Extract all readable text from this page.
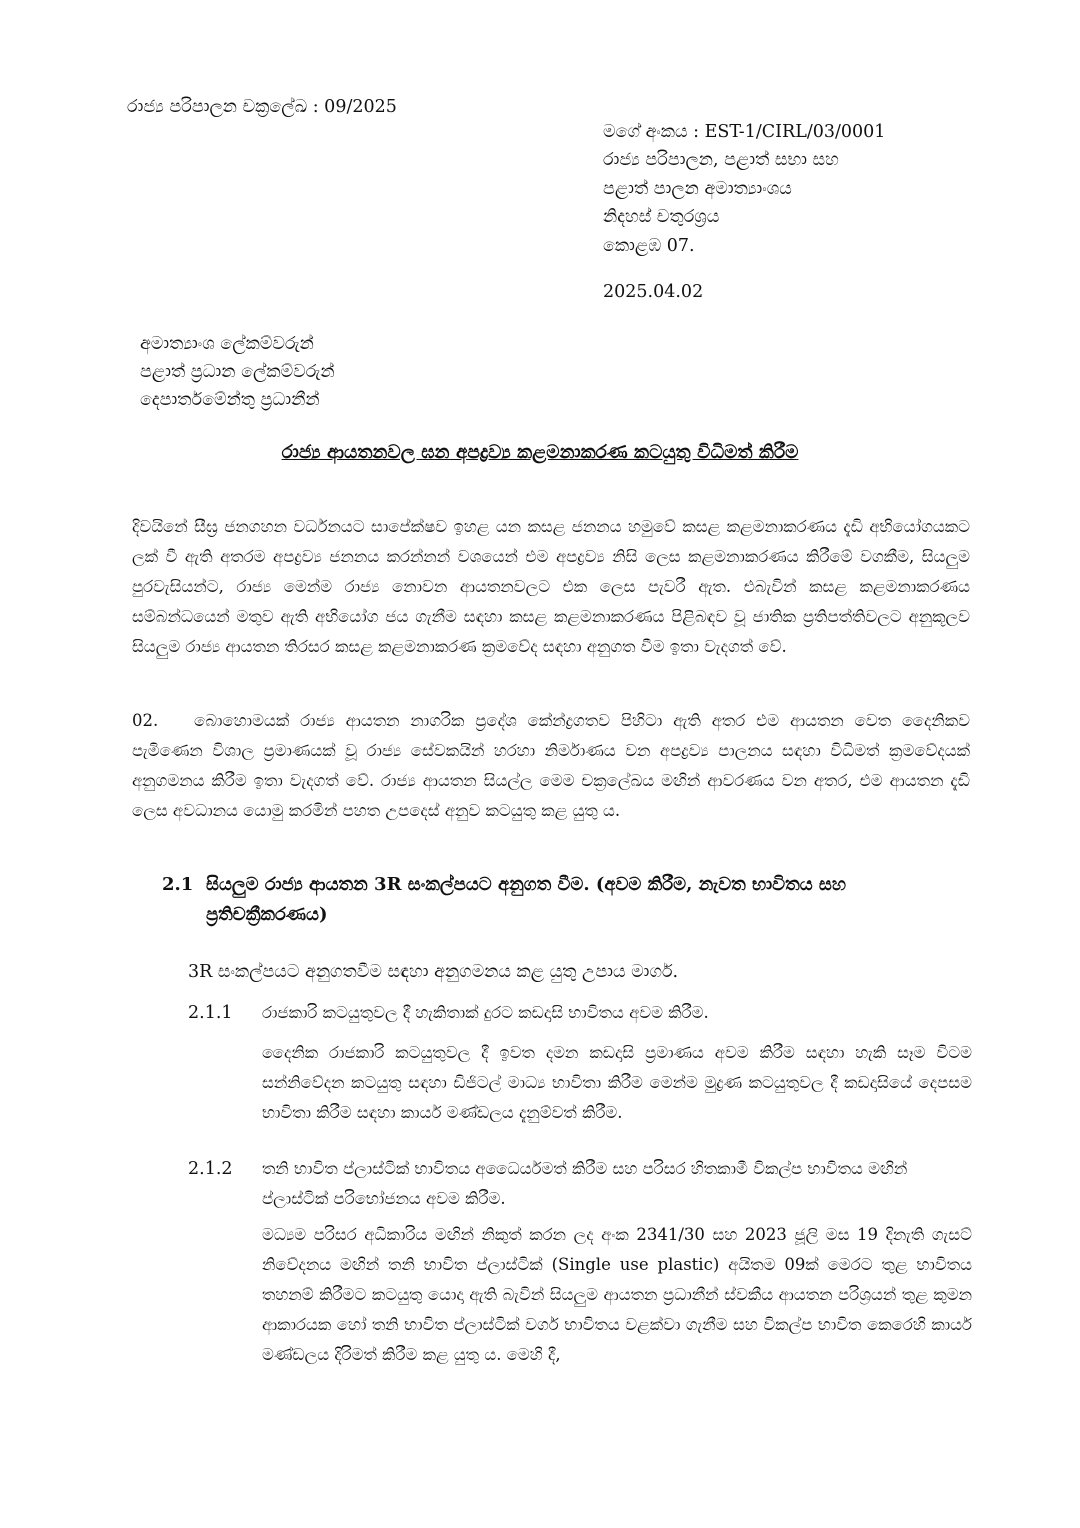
රාජ්‍ය පරිපාලන චක්‍රලේඛ : 09/2025

මගේ අංකය : EST-1/CIRL/03/0001

රාජ්‍ය පරිපාලන, පළාත් සභා සහ
පළාත් පාලන අමාත්‍යාංශය
නිදහස් චතුරශ්‍රය
කොළඹ 07.

2025.04.02

අමාත්‍යාංශ ලේකම්වරුන්
පළාත් ප්‍රධාන ලේකම්වරුන්
දෙපාර්තමේන්තු ප්‍රධානීන්
රාජ්‍ය ආයතනවල ඝන අපද්‍රව්‍ය කළමනාකරණ කටයුතු විධිමත් කිරීම

දිවයිනේ සීඝ්‍ර ජනගහන වර්ධනයට සාපේක්ෂව ඉහළ යන කසළ ජනනය හමුවේ කසළ කළමනාකරණය දැඩි අභියෝගයකට ලක් වී ඇති අතරම අපද්‍රව්‍ය ජනනය කරන්නන් වශයෙන් එම අපද්‍රව්‍ය නිසි ලෙස කළමනාකරණය කිරීමේ වගකීම, සියලුම පුරවැසියන්ට, රාජ්‍ය මෙන්ම රාජ්‍ය නොවන ආයතනවලට එක ලෙස පැවරී ඇත. එබැවින් කසළ කළමනාකරණය සම්බන්ධයෙන් මතුව ඇති අභියෝග ජය ගැනීම සඳහා කසළ කළමනාකරණය පිළිබඳව වූ ජාතික ප්‍රතිපත්තිවලට අනුකූලව සියලුම රාජ්‍ය ආයතන තිරසර කසළ කළමනාකරණ ක්‍රමවේද සඳහා අනුගත වීම ඉතා වැදගත් වේ.

02. බොහොමයක් රාජ්‍ය ආයතන නාගරික ප්‍රදේශ කේන්ද්‍රගතව පිහිටා ඇති අතර එම ආයතන වෙත දෛනිකව පැමිණෙන විශාල ප්‍රමාණයක් වූ රාජ්‍ය සේවකයින් හරහා නිර්මාණය වන අපද්‍රව්‍ය පාලනය සඳහා විධිමත් ක්‍රමවේදයක් අනුගමනය කිරීම ඉතා වැදගත් වේ. රාජ්‍ය ආයතන සියල්ල මෙම චක්‍රලේඛය මඟින් ආවරණය වන අතර, එම ආයතන දැඩි ලෙස අවධානය යොමු කරමින් පහත උපදෙස් අනුව කටයුතු කළ යුතු ය.

2.1 සියලුම රාජ්‍ය ආයතන 3R සංකල්පයට අනුගත වීම. (අවම කිරීම, නැවත භාවිතය සහ ප්‍රතිචක්‍රීකරණය)

3R සංකල්පයට අනුගතවීම සඳහා අනුගමනය කළ යුතු උපාය මාර්ග.

2.1.1 රාජකාරි කටයුතුවල දී හැකිතාක් දුරට කඩදාසි භාවිතය අවම කිරීම.

දෛනික රාජකාරි කටයුතුවල දී ඉවත දමන කඩදාසි ප්‍රමාණය අවම කිරීම සඳහා හැකි සෑම විටම සන්නිවේදන කටයුතු සඳහා ඩිජිටල් මාධ්‍ය භාවිතා කිරීම මෙන්ම මුද්‍රණ කටයුතුවල දී කඩදාසියේ දෙපසම භාවිතා කිරීම සඳහා කාර්ය මණ්ඩලය දැනුම්වත් කිරීම.

2.1.2 තනි භාවිත ප්ලාස්ටික් භාවිතය අධෛර්යමත් කිරීම සහ පරිසර හිතකාමී විකල්ප භාවිතය මඟින් ප්ලාස්ටික් පරිභෝජනය අවම කිරීම.

මධ්‍යම පරිසර අධිකාරිය මඟින් නිකුත් කරන ලද අංක 2341/30 සහ 2023 ජූලි මස 19 දිනැති ගැසට් නිවේදනය මඟින් තනි භාවිත ප්ලාස්ටික් (Single use plastic) අයිතම 09ක් මෙරට තුළ භාවිතය තහනම් කිරීමට කටයුතු යොදා ඇති බැවින් සියලුම ආයතන ප්‍රධානීන් ස්වකීය ආයතන පරිශ්‍රයන් තුළ කුමන ආකාරයක හෝ තනි භාවිත ප්ලාස්ටික් වර්ග භාවිතය වළක්වා ගැනීම සහ විකල්ප භාවිත කෙරෙහි කාර්ය මණ්ඩලය දිරිමත් කිරීම කළ යුතු ය. මෙහි දී,
